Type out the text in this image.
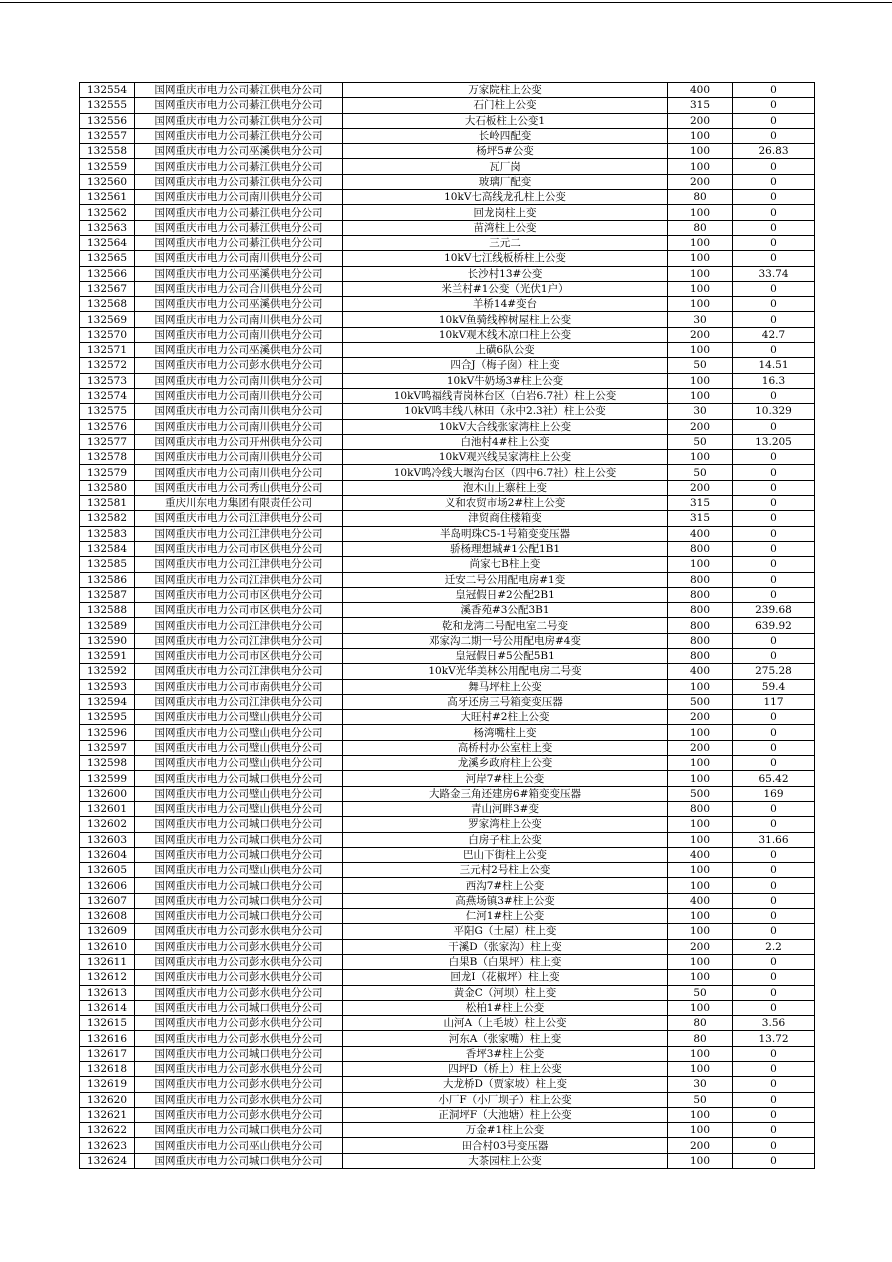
132554	国网重庆市电力公司綦江供电分公司	万家院柱上公变	400	0
132555	国网重庆市电力公司綦江供电分公司	石门柱上公变	315	0
132556	国网重庆市电力公司綦江供电分公司	大石板柱上公变1	200	0
132557	国网重庆市电力公司綦江供电分公司	长岭四配变	100	0
132558	国网重庆市电力公司巫溪供电分公司	杨坪5#公变	100	26.83
132559	国网重庆市电力公司綦江供电分公司	瓦厂岗	100	0
132560	国网重庆市电力公司綦江供电分公司	玻璃厂配变	200	0
132561	国网重庆市电力公司南川供电分公司	10kV七高线龙孔柱上公变	80	0
132562	国网重庆市电力公司綦江供电分公司	回龙岗柱上变	100	0
132563	国网重庆市电力公司綦江供电分公司	苗湾柱上公变	80	0
132564	国网重庆市电力公司綦江供电分公司	三元二	100	0
132565	国网重庆市电力公司南川供电分公司	10kV七江线板桥柱上公变	100	0
132566	国网重庆市电力公司巫溪供电分公司	长沙村13#公变	100	33.74
132567	国网重庆市电力公司合川供电分公司	米兰村#1公变（光伏1户）	100	0
132568	国网重庆市电力公司巫溪供电分公司	羊桥14#变台	100	0
132569	国网重庆市电力公司南川供电分公司	10kV鱼骑线榨树屋柱上公变	30	0
132570	国网重庆市电力公司南川供电分公司	10kV观木线木凉口柱上公变	200	42.7
132571	国网重庆市电力公司巫溪供电分公司	上磺6队公变	100	0
132572	国网重庆市电力公司彭水供电分公司	四合J（梅子囱）柱上变	50	14.51
132573	国网重庆市电力公司南川供电分公司	10kV牛奶场3#柱上公变	100	16.3
132574	国网重庆市电力公司南川供电分公司	10kV鸣福线青岗林台区（白岩6.7社）柱上公变	100	0
132575	国网重庆市电力公司南川供电分公司	10kV鸣丰线八林田（永中2.3社）柱上公变	30	10.329
132576	国网重庆市电力公司南川供电分公司	10kV大合线张家湾柱上公变	200	0
132577	国网重庆市电力公司开州供电分公司	白池村4#柱上公变	50	13.205
132578	国网重庆市电力公司南川供电分公司	10kV观兴线吴家湾柱上公变	100	0
132579	国网重庆市电力公司南川供电分公司	10kV鸣冷线大堰沟台区（四中6.7社）柱上公变	50	0
132580	国网重庆市电力公司秀山供电分公司	泡木山上寨柱上变	200	0
132581	重庆川东电力集团有限责任公司	义和农贸市场2#柱上公变	315	0
132582	国网重庆市电力公司江津供电分公司	津贸商住楼箱变	315	0
132583	国网重庆市电力公司江津供电分公司	半岛明珠C5-1号箱变变压器	400	0
132584	国网重庆市电力公司市区供电分公司	骄杨理想城#1公配1B1	800	0
132585	国网重庆市电力公司江津供电分公司	尚家七B柱上变	100	0
132586	国网重庆市电力公司江津供电分公司	迁安二号公用配电房#1变	800	0
132587	国网重庆市电力公司市区供电分公司	皇冠假日#2公配2B1	800	0
132588	国网重庆市电力公司市区供电分公司	溪香苑#3公配3B1	800	239.68
132589	国网重庆市电力公司江津供电分公司	乾和龙湾二号配电室二号变	800	639.92
132590	国网重庆市电力公司江津供电分公司	邓家沟二期一号公用配电房#4变	800	0
132591	国网重庆市电力公司市区供电分公司	皇冠假日#5公配5B1	800	0
132592	国网重庆市电力公司江津供电分公司	10kV光华美林公用配电房二号变	400	275.28
132593	国网重庆市电力公司市南供电分公司	舞马坪柱上公变	100	59.4
132594	国网重庆市电力公司江津供电分公司	高牙还房三号箱变变压器	500	117
132595	国网重庆市电力公司璧山供电分公司	大旺村#2柱上公变	200	0
132596	国网重庆市电力公司璧山供电分公司	杨湾嘴柱上变	100	0
132597	国网重庆市电力公司璧山供电分公司	高桥村办公室柱上变	200	0
132598	国网重庆市电力公司璧山供电分公司	龙溪乡政府柱上公变	100	0
132599	国网重庆市电力公司城口供电分公司	河岸7#柱上公变	100	65.42
132600	国网重庆市电力公司璧山供电分公司	大路金三角还建房6#箱变变压器	500	169
132601	国网重庆市电力公司璧山供电分公司	青山河畔3#变	800	0
132602	国网重庆市电力公司城口供电分公司	罗家湾柱上公变	100	0
132603	国网重庆市电力公司城口供电分公司	白房子柱上公变	100	31.66
132604	国网重庆市电力公司城口供电分公司	巴山下街柱上公变	400	0
132605	国网重庆市电力公司璧山供电分公司	三元村2号柱上公变	100	0
132606	国网重庆市电力公司城口供电分公司	西沟7#柱上公变	100	0
132607	国网重庆市电力公司城口供电分公司	高燕场镇3#柱上公变	400	0
132608	国网重庆市电力公司城口供电分公司	仁河1#柱上公变	100	0
132609	国网重庆市电力公司彭水供电分公司	平阳G（土屋）柱上变	100	0
132610	国网重庆市电力公司彭水供电分公司	干溪D（张家沟）柱上变	200	2.2
132611	国网重庆市电力公司彭水供电分公司	白果B（白果坪）柱上变	100	0
132612	国网重庆市电力公司彭水供电分公司	回龙I（花椒坪）柱上变	100	0
132613	国网重庆市电力公司彭水供电分公司	黄金C（河坝）柱上变	50	0
132614	国网重庆市电力公司城口供电分公司	松柏1#柱上公变	100	0
132615	国网重庆市电力公司彭水供电分公司	山河A（上毛坡）柱上公变	80	3.56
132616	国网重庆市电力公司彭水供电分公司	河东A（张家嘴）柱上变	80	13.72
132617	国网重庆市电力公司城口供电分公司	香坪3#柱上公变	100	0
132618	国网重庆市电力公司彭水供电分公司	四坪D（桥上）柱上公变	100	0
132619	国网重庆市电力公司彭水供电分公司	大龙桥D（贾家坡）柱上变	30	0
132620	国网重庆市电力公司彭水供电分公司	小厂F（小厂坝子）柱上公变	50	0
132621	国网重庆市电力公司彭水供电分公司	正洞坪F（大池塘）柱上公变	100	0
132622	国网重庆市电力公司城口供电分公司	万金#1柱上公变	100	0
132623	国网重庆市电力公司巫山供电分公司	田合村03号变压器	200	0
132624	国网重庆市电力公司城口供电分公司	大茶园柱上公变	100	0
